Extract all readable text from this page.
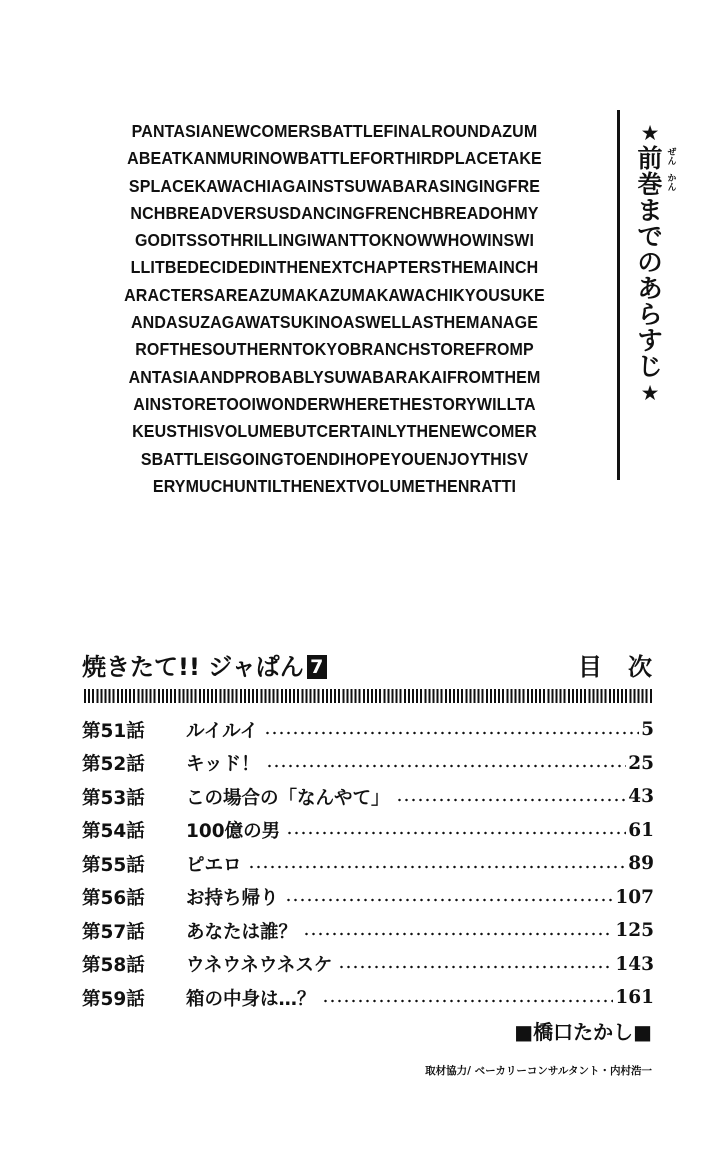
PANTASIANEWCOMERSBATTLEFINALROUNDAZUM
ABEATKANMURINOWBATTLEFORTHIRDPLACETAKE
SPLACEKAWACHIAGAINSTSUWABARASINGINGFRE
NCHBREADVERSUSDANCINGFRENCHBREADOHMY
GODITSSOTHRILLINGIWANTTOKNOWWHOWINSWI
LLITBEDECIDEDINTHENEXTCHAPTERSTHEMAINCH
ARACTERSAREAZUMAKAZUMAKAWACHIKYOUSUKE
ANDASUZAGAWATSUKINOASWELLASTHEMANAGE
ROFTHESOUTHERNTOKYOBRANCHSTOREFROMP
ANTASIAANDPROBABLYSUWABARAKAIFROMTHEM
AINSTORETOOIWONDERWHERETHESTORYWILLTA
KEUSTHISVOLUMEBUTCERTAINLYTHENEWCOMER
SBATTLEISGOINGTOENDIHOPEYOUENJOYTHISV
ERYMUCHUNTILTHENEXTVOLUMETHENRATTI
★
前 ぜん
巻 かん
ま
で
の
あ
ら
す
じ
★
焼きたて!! ジャぱん 7	目次
第51話	ルイルイ	5
第52話	キッド！	25
第53話	この場合の「なんやて」	43
第54話	100億の男	61
第55話	ピエロ	89
第56話	お持ち帰り	107
第57話	あなたは誰？	125
第58話	ウネウネウネスケ	143
第59話	箱の中身は…？	161
■橋口たかし■
取材協力/ ベーカリーコンサルタント・内村浩一
